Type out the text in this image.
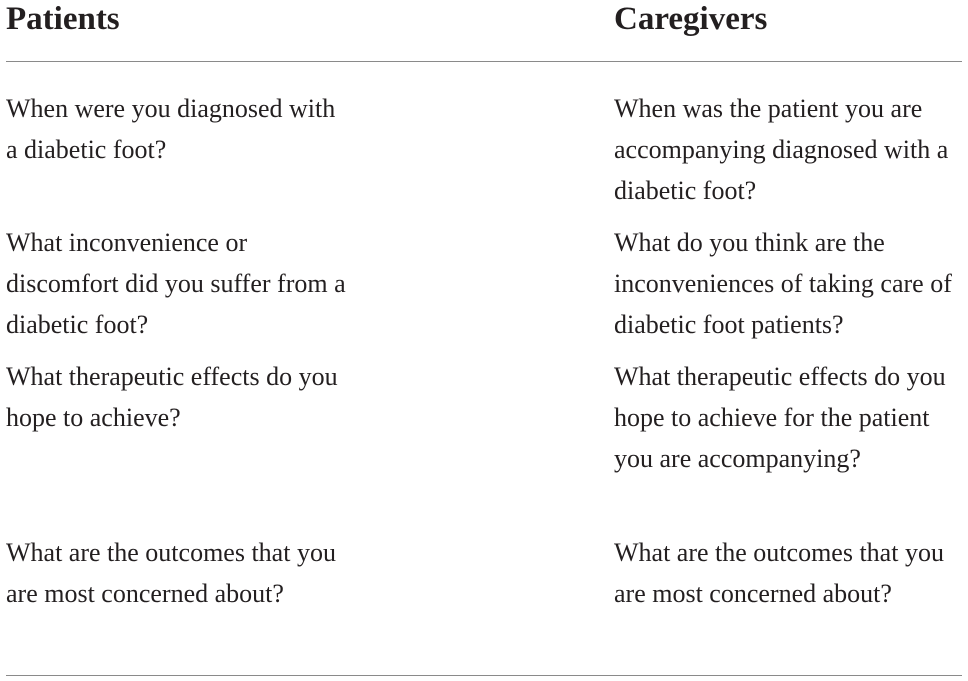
Patients	Caregivers
When were you diagnosed with a diabetic foot?
When was the patient you are accompanying diagnosed with a diabetic foot?
What inconvenience or discomfort did you suffer from a diabetic foot?
What do you think are the inconveniences of taking care of diabetic foot patients?
What therapeutic effects do you hope to achieve?
What therapeutic effects do you hope to achieve for the patient you are accompanying?
What are the outcomes that you are most concerned about?
What are the outcomes that you are most concerned about?
